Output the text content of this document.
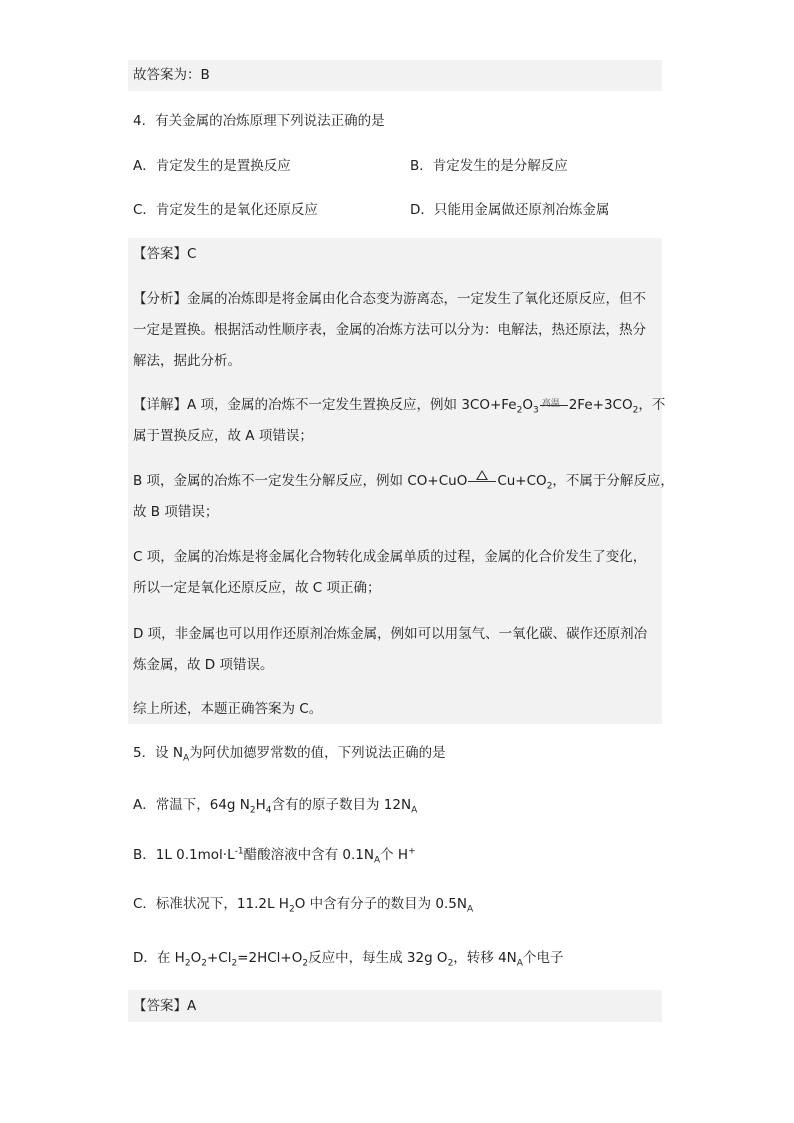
故答案为：B
4．有关金属的冶炼原理下列说法正确的是
A．肯定发生的是置换反应	B．肯定发生的是分解反应
C．肯定发生的是氧化还原反应	D．只能用金属做还原剂冶炼金属
【答案】C
【分析】金属的冶炼即是将金属由化合态变为游离态，一定发生了氧化还原反应，但不
一定是置换。根据活动性顺序表，金属的冶炼方法可以分为：电解法，热还原法，热分
解法，据此分析。
【详解】A 项，金属的冶炼不一定发生置换反应，例如 $3CO+Fe_2O_3$
高温 $2Fe+3CO_2$，不
属于置换反应，故 A 项错误；
B 项，金属的冶炼不一定发生分解反应，例如 CO+CuO $Cu+CO_2$，不属于分解反应，
故 B 项错误；
C 项，金属的冶炼是将金属化合物转化成金属单质的过程，金属的化合价发生了变化，
所以一定是氧化还原反应，故 C 项正确；
D 项，非金属也可以用作还原剂冶炼金属，例如可以用氢气、一氧化碳、碳作还原剂冶
炼金属，故 D 项错误。
综上所述，本题正确答案为 C。
5．设 $N_A$为阿伏加德罗常数的值，下列说法正确的是
A．常温下，64g $N_2H_4$含有的原子数目为 $12N_A$
B．1L $0.1mol\cdot L^{-1}$醋酸溶液中含有 $0.1N_A$个 H+
C．标准状况下，11.2L $H_2O$ 中含有分子的数目为 $0.5N_A$
D．在 $H_2O_2+Cl_2=2HCl+O_2$反应中，每生成 32g $O_2$，转移 $4N_A$个电子
【答案】A
